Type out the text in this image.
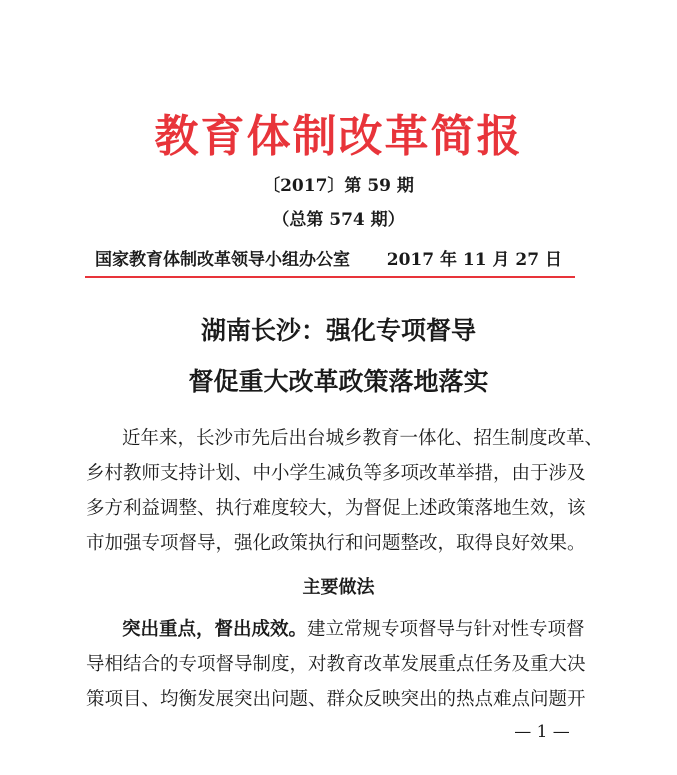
教育体制改革简报
〔2017〕第 59 期
（总第 574 期）
国家教育体制改革领导小组办公室 2017 年 11 月 27 日
湖南长沙：强化专项督导
督促重大改革政策落地落实
近年来，长沙市先后出台城乡教育一体化、招生制度改革、
乡村教师支持计划、中小学生减负等多项改革举措，由于涉及
多方利益调整、执行难度较大，为督促上述政策落地生效，该
市加强专项督导，强化政策执行和问题整改，取得良好效果。
主要做法
突出重点，督出成效。建立常规专项督导与针对性专项督
导相结合的专项督导制度，对教育改革发展重点任务及重大决
策项目、均衡发展突出问题、群众反映突出的热点难点问题开
— 1 —
